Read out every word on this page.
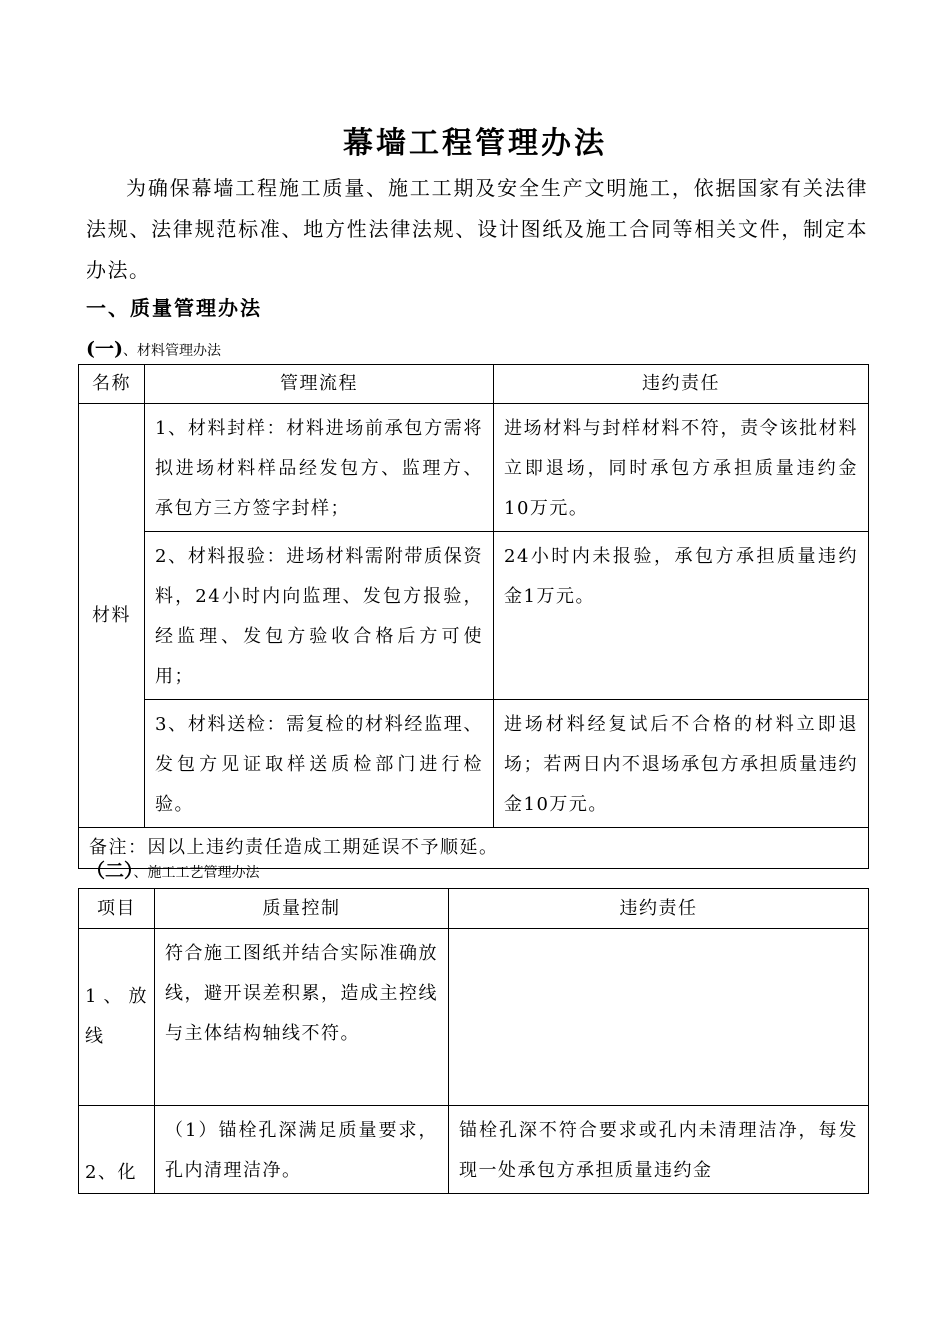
幕墙工程管理办法
为确保幕墙工程施工质量、施工工期及安全生产文明施工，依据国家有关法律法规、法律规范标准、地方性法律法规、设计图纸及施工合同等相关文件，制定本办法。
一、质量管理办法
(一)、材料管理办法
名称	管理流程	违约责任
材料	1、材料封样：材料进场前承包方需将拟进场材料样品经发包方、监理方、承包方三方签字封样；	进场材料与封样材料不符，责令该批材料立即退场，同时承包方承担质量违约金10万元。
	2、材料报验：进场材料需附带质保资料，24小时内向监理、发包方报验，经监理、发包方验收合格后方可使用；	24小时内未报验，承包方承担质量违约金1万元。
	3、材料送检：需复检的材料经监理、发包方见证取样送质检部门进行检验。	进场材料经复试后不合格的材料立即退场；若两日内不退场承包方承担质量违约金10万元。
备注：因以上违约责任造成工期延误不予顺延。		
（二）、施工工艺管理办法
项目	质量控制	违约责任
1、放线	符合施工图纸并结合实际准确放线，避开误差积累，造成主控线与主体结构轴线不符。	
2、化	（1）锚栓孔深满足质量要求，孔内清理洁净。	锚栓孔深不符合要求或孔内未清理洁净，每发现一处承包方承担质量违约金
